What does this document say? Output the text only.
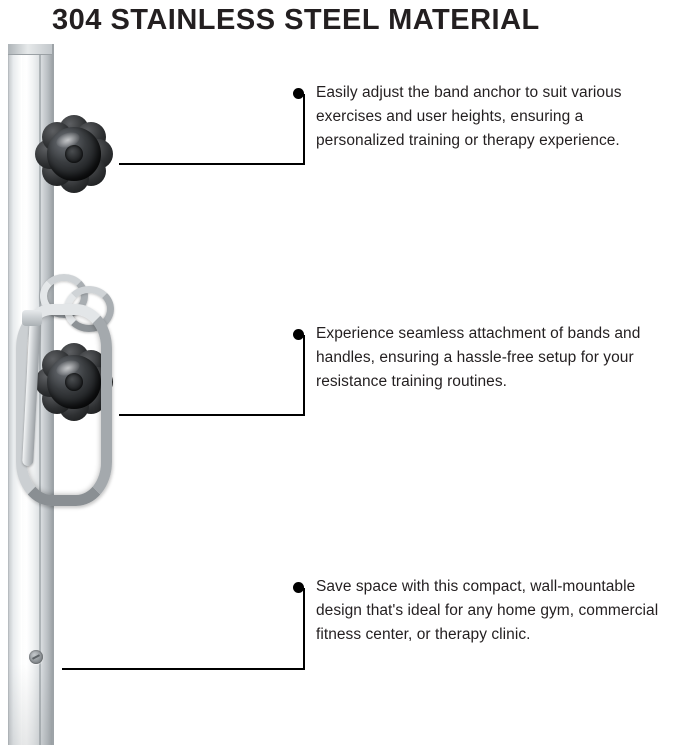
304 STAINLESS STEEL MATERIAL
Easily adjust the band anchor to suit various exercises and user heights, ensuring a personalized training or therapy experience.
Experience seamless attachment of bands and handles, ensuring a hassle-free setup for your resistance training routines.
Save space with this compact, wall-mountable design that's ideal for any home gym, commercial fitness center, or therapy clinic.
